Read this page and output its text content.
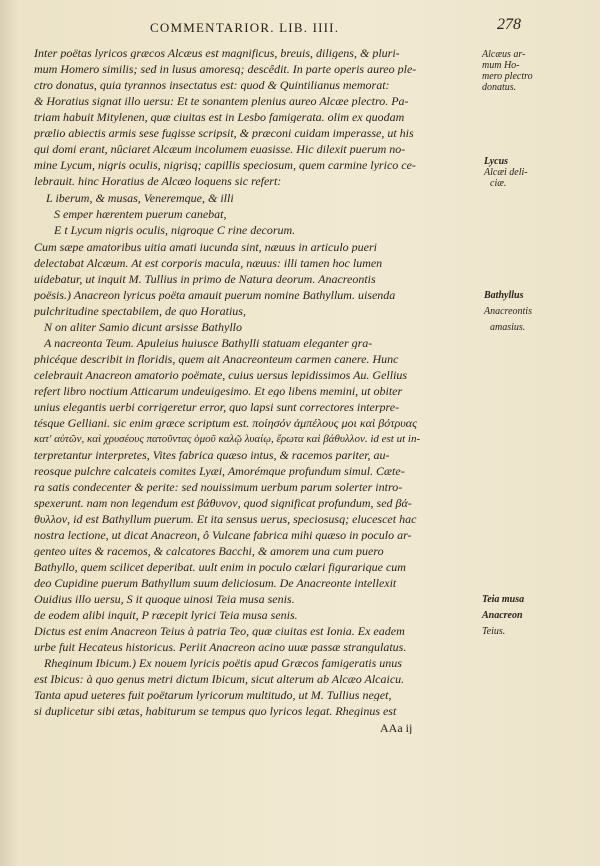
COMMENTARIOR. LIB. IIII.	278
Inter poëtas lyricos græcos Alcæus est magnificus, breuis, diligens, & pluri-
mum Homero similis; sed in lusus amoresq; descêdit. In parte operis aureo ple-
ctro donatus, quia tyrannos insectatus est: quod & Quintilianus memorat:
& Horatius signat illo uersu: Et te sonantem plenius aureo Alcæe plectro. Pa-
triam habuit Mitylenen, quæ ciuitas est in Lesbo famigerata. olim ex quodam
prælio abiectis armis sese fugisse scripsit, & præconi cuidam imperasse, ut his
qui domi erant, nûciaret Alcæum incolumem euasisse. Hic dilexit puerum no-
mine Lycum, nigris oculis, nigrisq; capillis speciosum, quem carmine lyrico ce-
lebrauit. hinc Horatius de Alcæo loquens sic refert:
L iberum, & musas, Veneremque, & illi
S emper hærentem puerum canebat,
E t Lycum nigris oculis, nigroque C rine decorum.
Cum sæpe amatoribus uitia amati iucunda sint, næuus in articulo pueri
delectabat Alcæum. At est corporis macula, næuus: illi tamen hoc lumen
uidebatur, ut inquit M. Tullius in primo de Natura deorum. Anacreontis
poësis.) Anacreon lyricus poëta amauit puerum nomine Bathyllum. uisenda
pulchritudine spectabilem, de quo Horatius,
N on aliter Samio dicunt arsisse Bathyllo
A nacreonta Teum. Apuleius huiusce Bathylli statuam eleganter gra-
phicéque describit in floridis, quem ait Anacreonteum carmen canere. Hunc
celebrauit Anacreon amatorio poëmate, cuius uersus lepidissimos Au. Gellius
refert libro noctium Atticarum undeuigesimo. Et ego libens memini, ut obiter
unius elegantis uerbi corrigeretur error, quo lapsi sunt correctores interpre-
tésque Gelliani. sic enim græce scriptum est. ποίησόν ἀμπέλους μοι καὶ βότρυας
κατ' αὐτῶν, καὶ χρυσέους πατοῦντας ὁμοῦ καλῷ λυαίῳ, ἔρωτα καὶ βάθυλλον. id est ut in-
terpretantur interpretes, Vites fabrica quæso intus, & racemos pariter, au-
reosque pulchre calcateis comites Lyæi, Amorémque profundum simul. Cæte-
ra satis condecenter & perite: sed nouissimum uerbum parum solerter intro-
spexerunt. nam non legendum est βάθυνον, quod significat profundum, sed βά-
θυλλον, id est Bathyllum puerum. Et ita sensus uerus, speciosusq; elucescet hac
nostra lectione, ut dicat Anacreon, ô Vulcane fabrica mihi quæso in poculo ar-
genteo uites & racemos, & calcatores Bacchi, & amorem una cum puero
Bathyllo, quem scilicet deperibat. uult enim in poculo cælari figurarique cum
deo Cupidine puerum Bathyllum suum deliciosum. De Anacreonte intellexit
Ouidius illo uersu, S it quoque uinosi Teia musa senis.
de eodem alibi inquit, P ræcepit lyrici Teia musa senis.
Dictus est enim Anacreon Teius à patria Teo, quæ ciuitas est Ionia. Ex eadem
urbe fuit Hecateus historicus. Periit Anacreon acino uuæ passæ strangulatus.
Rheginum Ibicum.) Ex nouem lyricis poëtis apud Græcos famigeratis unus
est Ibicus: à quo genus metri dictum Ibicum, sicut alterum ab Alcæo Alcaicu.
Tanta apud ueteres fuit poëtarum lyricorum multitudo, ut M. Tullius neget,
si duplicetur sibi ætas, habiturum se tempus quo lyricos legat. Rheginus est
AAa ij
Alcæus ar-
mum Ho-
mero plectro
donatus.
Lycus
Alcæi deli-
ciæ.
Bathyllus
Anacreontis
amasius.
Teia musa
Anacreon
Teius.
